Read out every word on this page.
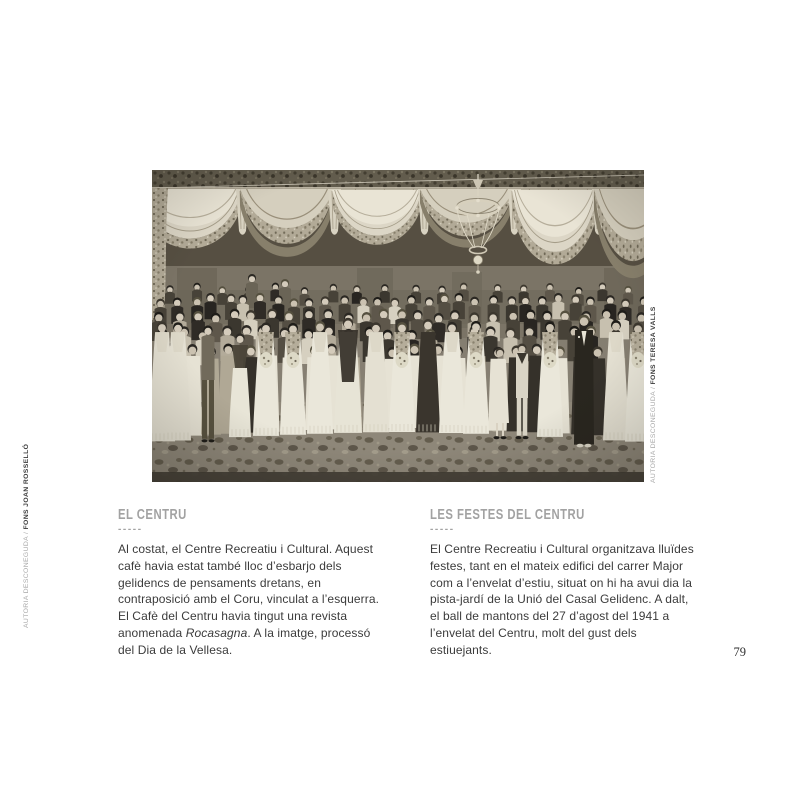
AUTORIA DESCONEGUDA / FONS JOAN ROSSELLÓ
AUTORIA DESCONEGUDA / FONS TERESA VALLS
EL CENTRU
-----

Al costat, el Centre Recreatiu i Cultural. Aquest cafè havia estat també lloc d’esbarjo dels gelidencs de pensaments dretans, en contraposició amb el Coru, vinculat a l’esquerra. El Cafè del Centru havia tingut una revista anomenada Rocasagna. A la imatge, processó del Dia de la Vellesa.

LES FESTES DEL CENTRU
-----

El Centre Recreatiu i Cultural organitzava lluïdes festes, tant en el mateix edifici del carrer Major com a l’envelat d’estiu, situat on hi ha avui dia la pista-jardí de la Unió del Casal Gelidenc. A dalt, el ball de mantons del 27 d’agost del 1941 a l’envelat del Centru, molt del gust dels estiuejants.	79
